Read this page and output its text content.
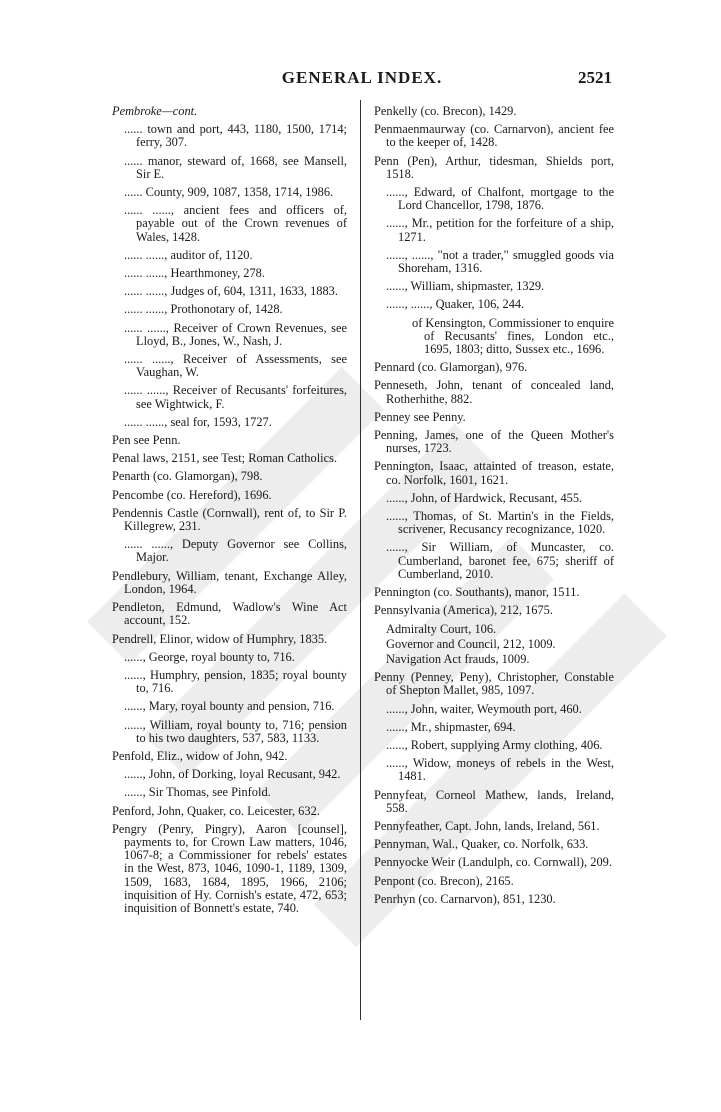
GENERAL INDEX.	2521

Pembroke—cont.

...... town and port, 443, 1180, 1500, 1714; ferry, 307.

...... manor, steward of, 1668, see Mansell, Sir E.

...... County, 909, 1087, 1358, 1714, 1986.

...... ......, ancient fees and officers of, payable out of the Crown revenues of Wales, 1428.

...... ......, auditor of, 1120.

...... ......, Hearthmoney, 278.

...... ......, Judges of, 604, 1311, 1633, 1883.

...... ......, Prothonotary of, 1428.

...... ......, Receiver of Crown Revenues, see Lloyd, B., Jones, W., Nash, J.

...... ......, Receiver of Assessments, see Vaughan, W.

...... ......, Receiver of Recusants' forfeitures, see Wightwick, F.

...... ......, seal for, 1593, 1727.

Pen see Penn.

Penal laws, 2151, see Test; Roman Catholics.

Penarth (co. Glamorgan), 798.

Pencombe (co. Hereford), 1696.

Pendennis Castle (Cornwall), rent of, to Sir P. Killegrew, 231.

...... ......, Deputy Governor see Collins, Major.

Pendlebury, William, tenant, Exchange Alley, London, 1964.

Pendleton, Edmund, Wadlow's Wine Act account, 152.

Pendrell, Elinor, widow of Humphry, 1835.

......, George, royal bounty to, 716.

......, Humphry, pension, 1835; royal bounty to, 716.

......, Mary, royal bounty and pension, 716.

......, William, royal bounty to, 716; pension to his two daughters, 537, 583, 1133.

Penfold, Eliz., widow of John, 942.

......, John, of Dorking, loyal Recusant, 942.

......, Sir Thomas, see Pinfold.

Penford, John, Quaker, co. Leicester, 632.

Pengry (Penry, Pingry), Aaron [counsel], payments to, for Crown Law matters, 1046, 1067-8; a Commissioner for rebels' estates in the West, 873, 1046, 1090-1, 1189, 1309, 1509, 1683, 1684, 1895, 1966, 2106; inquisition of Hy. Cornish's estate, 472, 653; inquisition of Bonnett's estate, 740.

Penkelly (co. Brecon), 1429.

Penmaenmaurway (co. Carnarvon), ancient fee to the keeper of, 1428.

Penn (Pen), Arthur, tidesman, Shields port, 1518.

......, Edward, of Chalfont, mortgage to the Lord Chancellor, 1798, 1876.

......, Mr., petition for the forfeiture of a ship, 1271.

......, ......, "not a trader," smuggled goods via Shoreham, 1316.

......, William, shipmaster, 1329.

......, ......, Quaker, 106, 244.

of Kensington, Commissioner to enquire of Recusants' fines, London etc., 1695, 1803; ditto, Sussex etc., 1696.

Pennard (co. Glamorgan), 976.

Penneseth, John, tenant of concealed land, Rotherhithe, 882.

Penney see Penny.

Penning, James, one of the Queen Mother's nurses, 1723.

Pennington, Isaac, attainted of treason, estate, co. Norfolk, 1601, 1621.

......, John, of Hardwick, Recusant, 455.

......, Thomas, of St. Martin's in the Fields, scrivener, Recusancy recognizance, 1020.

......, Sir William, of Muncaster, co. Cumberland, baronet fee, 675; sheriff of Cumberland, 2010.

Pennington (co. Southants), manor, 1511.

Pennsylvania (America), 212, 1675.

Admiralty Court, 106.

Governor and Council, 212, 1009.

Navigation Act frauds, 1009.

Penny (Penney, Peny), Christopher, Constable of Shepton Mallet, 985, 1097.

......, John, waiter, Weymouth port, 460.

......, Mr., shipmaster, 694.

......, Robert, supplying Army clothing, 406.

......, Widow, moneys of rebels in the West, 1481.

Pennyfeat, Corneol Mathew, lands, Ireland, 558.

Pennyfeather, Capt. John, lands, Ireland, 561.

Pennyman, Wal., Quaker, co. Norfolk, 633.

Pennyocke Weir (Landulph, co. Cornwall), 209.

Penpont (co. Brecon), 2165.

Penrhyn (co. Carnarvon), 851, 1230.
